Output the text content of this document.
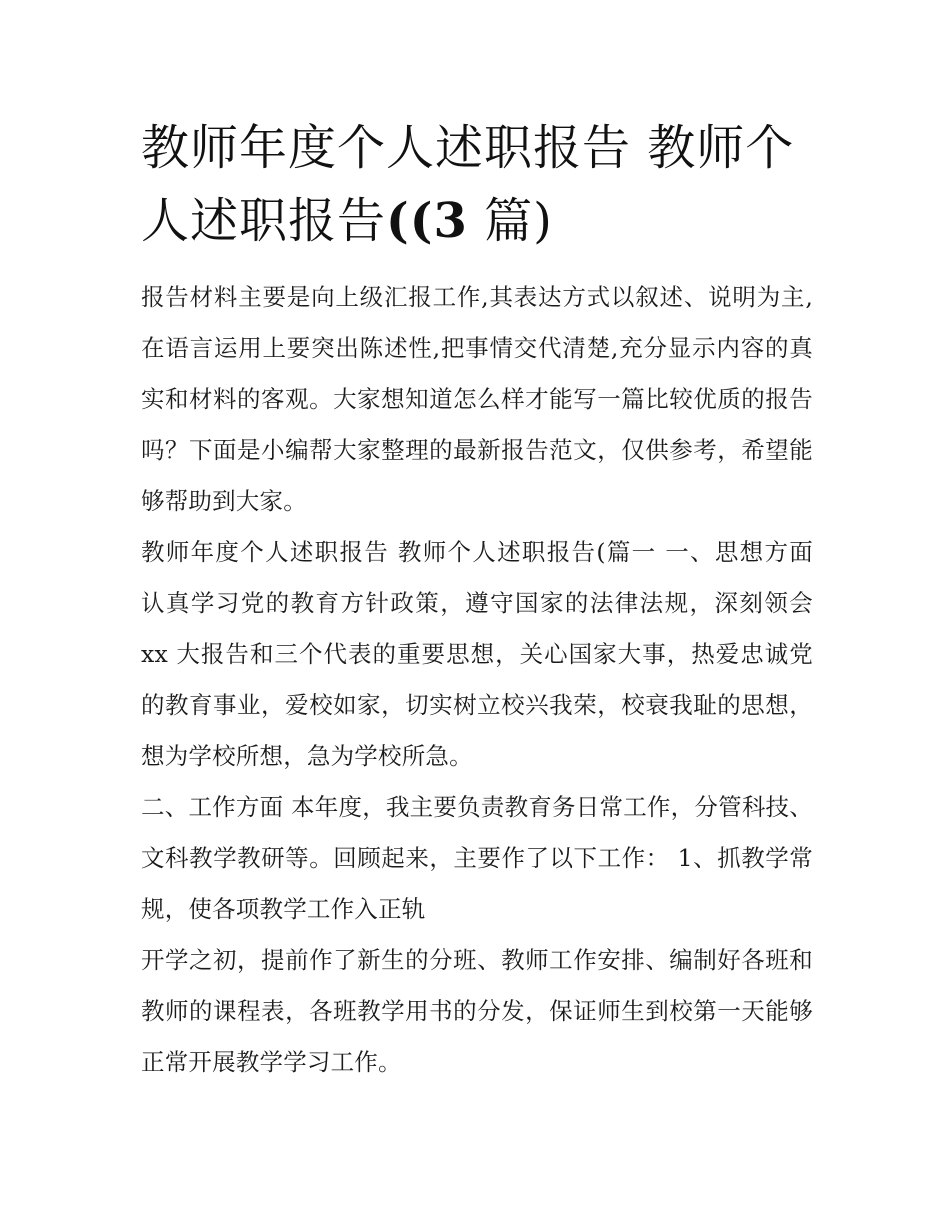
教师年度个人述职报告 教师个人述职报告((3 篇)

报告材料主要是向上级汇报工作,其表达方式以叙述、说明为主,在语言运用上要突出陈述性,把事情交代清楚,充分显示内容的真实和材料的客观。大家想知道怎么样才能写一篇比较优质的报告吗？下面是小编帮大家整理的最新报告范文，仅供参考，希望能够帮助到大家。

教师年度个人述职报告 教师个人述职报告(篇一 一、思想方面 认真学习党的教育方针政策，遵守国家的法律法规，深刻领会 xx 大报告和三个代表的重要思想，关心国家大事，热爱忠诚党的教育事业，爱校如家，切实树立校兴我荣，校衰我耻的思想，想为学校所想，急为学校所急。

二、工作方面 本年度，我主要负责教育务日常工作，分管科技、文科教学教研等。回顾起来，主要作了以下工作： 1、抓教学常规，使各项教学工作入正轨

开学之初，提前作了新生的分班、教师工作安排、编制好各班和教师的课程表，各班教学用书的分发，保证师生到校第一天能够正常开展教学学习工作。
